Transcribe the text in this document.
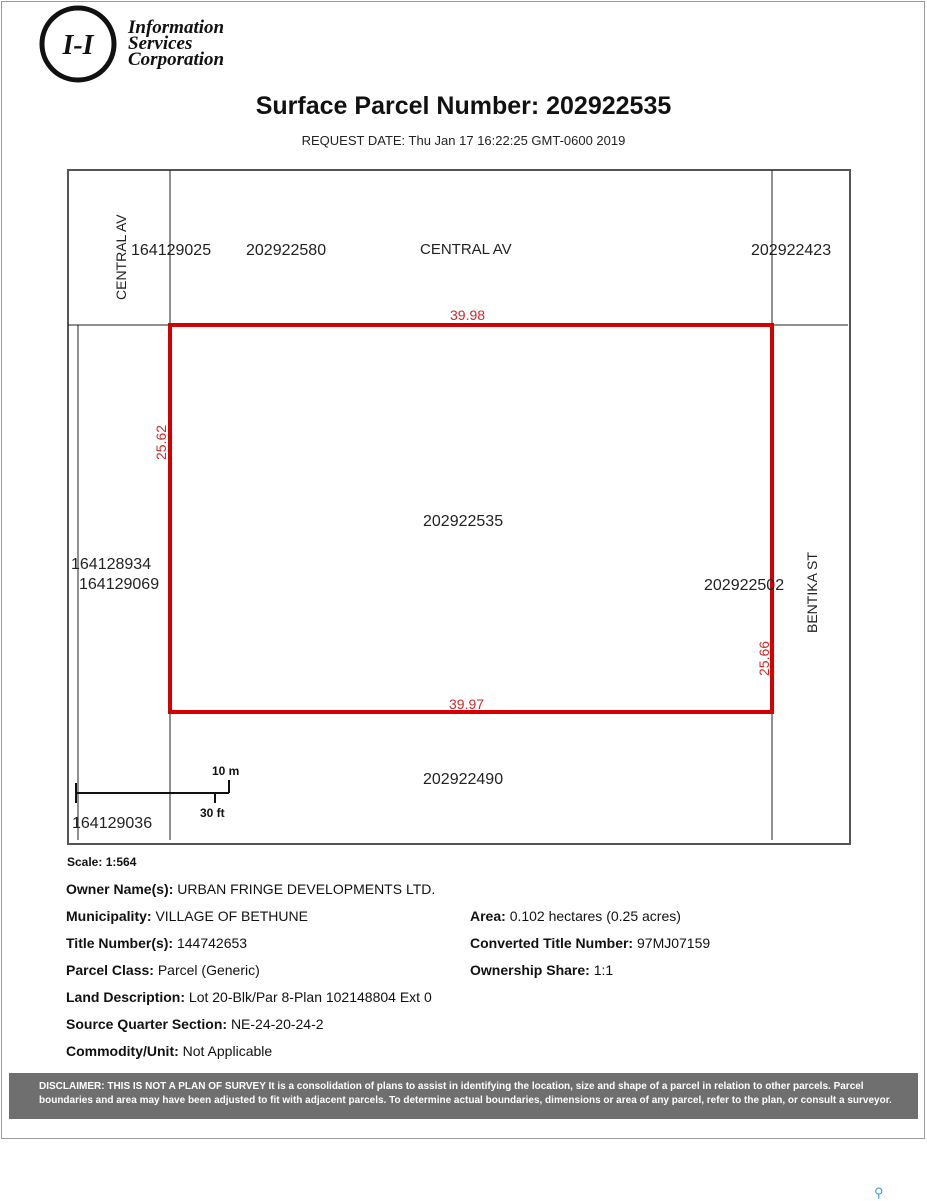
I-I
Information
Services
Corporation
Surface Parcel Number: 202922535
REQUEST DATE: Thu Jan 17 16:22:25 GMT-0600 2019
CENTRAL AV 164129025 202922580	CENTRAL AV	202922423
39.98
25.62
202922535
164128934
164129069	202922502 BENTIKA ST
25.66
39.97
202922490
164129036
10 m
30 ft
Scale: 1:564
Owner Name(s): URBAN FRINGE DEVELOPMENTS LTD.
Municipality: VILLAGE OF BETHUNE	Area: 0.102 hectares (0.25 acres)
Title Number(s): 144742653	Converted Title Number: 97MJ07159
Parcel Class: Parcel (Generic)	Ownership Share: 1:1
Land Description: Lot 20-Blk/Par 8-Plan 102148804 Ext 0
Source Quarter Section: NE-24-20-24-2
Commodity/Unit: Not Applicable
DISCLAIMER: THIS IS NOT A PLAN OF SURVEY It is a consolidation of plans to assist in identifying the location, size and shape of a parcel in relation to other parcels. Parcel
boundaries and area may have been adjusted to fit with adjacent parcels. To determine actual boundaries, dimensions or area of any parcel, refer to the plan, or consult a surveyor.
⚲
